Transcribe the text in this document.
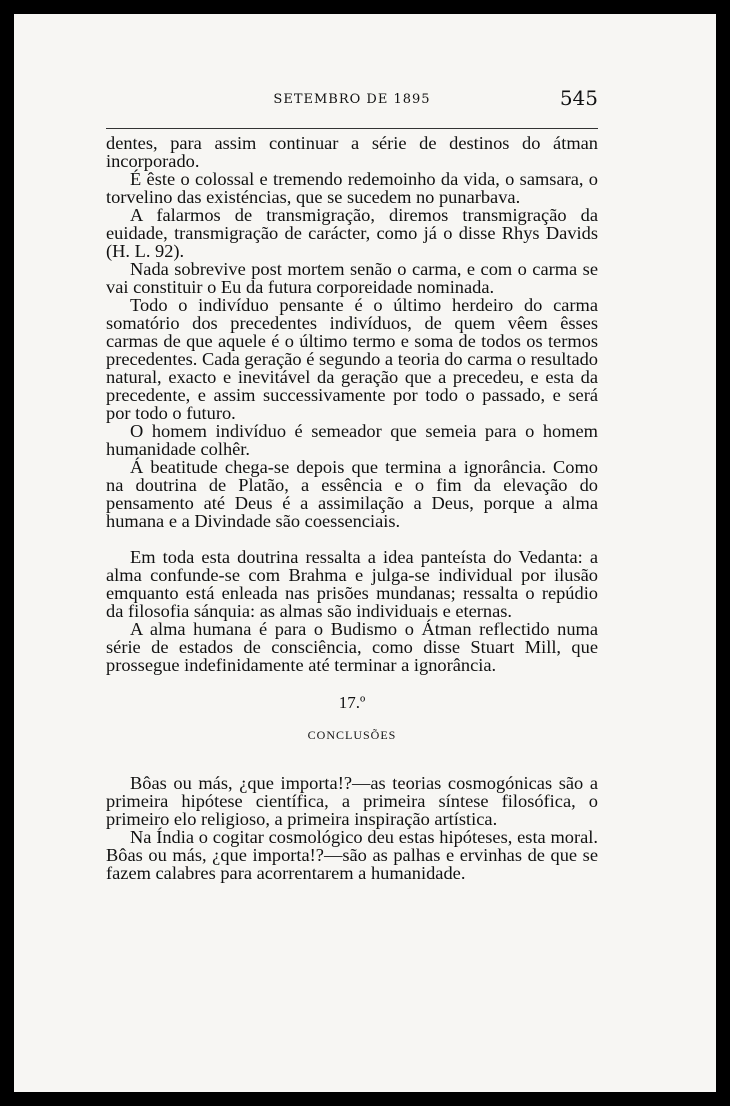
SETEMBRO DE 1895	545

dentes, para assim continuar a série de destinos do átman incorporado.

É êste o colossal e tremendo redemoinho da vida, o samsara, o torvelino das existéncias, que se sucedem no punarbava.

A falarmos de transmigração, diremos transmigração da euidade, transmigração de carácter, como já o disse Rhys Davids (H. L. 92).

Nada sobrevive post mortem senão o carma, e com o carma se vai constituir o Eu da futura corporeidade nominada.

Todo o indivíduo pensante é o último herdeiro do carma somatório dos precedentes indivíduos, de quem vêem êsses carmas de que aquele é o último termo e soma de todos os termos precedentes. Cada geração é segundo a teoria do carma o resultado natural, exacto e inevitável da geração que a precedeu, e esta da precedente, e assim successivamente por todo o passado, e será por todo o futuro.

O homem indivíduo é semeador que semeia para o homem humanidade colhêr.

Á beatitude chega-se depois que termina a ignorância. Como na doutrina de Platão, a essência e o fim da elevação do pensamento até Deus é a assimilação a Deus, porque a alma humana e a Divindade são coessenciais.

Em toda esta doutrina ressalta a idea panteísta do Vedanta: a alma confunde-se com Brahma e julga-se individual por ilusão emquanto está enleada nas prisões mundanas; ressalta o repúdio da filosofia sánquia: as almas são individuais e eternas.

A alma humana é para o Budismo o Átman reflectido numa série de estados de consciência, como disse Stuart Mill, que prossegue indefinidamente até terminar a ignorância.

17.º
CONCLUSÕES

Bôas ou más, ¿que importa!?—as teorias cosmogónicas são a primeira hipótese científica, a primeira síntese filosófica, o primeiro elo religioso, a primeira inspiração artística.

Na Índia o cogitar cosmológico deu estas hipóteses, esta moral. Bôas ou más, ¿que importa!?—são as palhas e ervinhas de que se fazem calabres para acorrentarem a humanidade.
